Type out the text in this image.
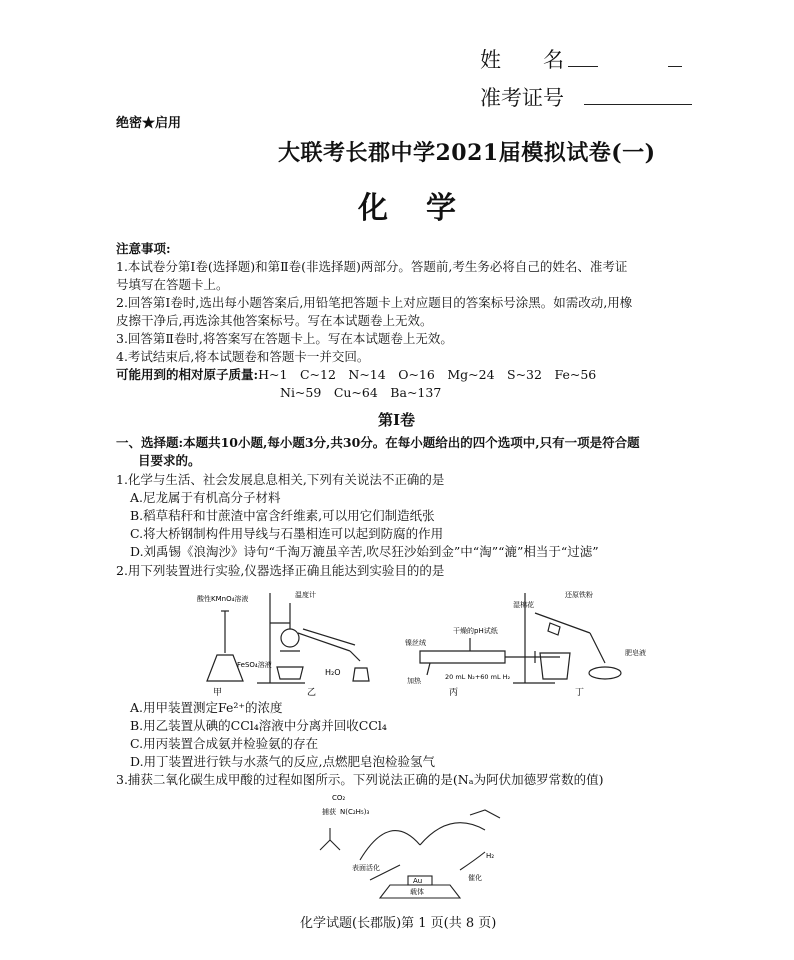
姓　　名
准考证号
绝密★启用
大联考长郡中学2021届模拟试卷(一)
化　学
注意事项:
1.本试卷分第Ⅰ卷(选择题)和第Ⅱ卷(非选择题)两部分。答题前,考生务必将自己的姓名、准考证
号填写在答题卡上。
2.回答第Ⅰ卷时,选出每小题答案后,用铅笔把答题卡上对应题目的答案标号涂黑。如需改动,用橡
皮擦干净后,再选涂其他答案标号。写在本试题卷上无效。
3.回答第Ⅱ卷时,将答案写在答题卡上。写在本试题卷上无效。
4.考试结束后,将本试题卷和答题卡一并交回。
可能用到的相对原子质量:H~1　C~12　N~14　O~16　Mg~24　S~32　Fe~56
Ni~59　Cu~64　Ba~137
第Ⅰ卷
一、选择题:本题共10小题,每小题3分,共30分。在每小题给出的四个选项中,只有一项是符合题
目要求的。
1.化学与生活、社会发展息息相关,下列有关说法不正确的是
A.尼龙属于有机高分子材料
B.稻草秸秆和甘蔗渣中富含纤维素,可以用它们制造纸张
C.将大桥钢制构件用导线与石墨相连可以起到防腐的作用
D.刘禹锡《浪淘沙》诗句“千淘万漉虽辛苦,吹尽狂沙始到金”中“淘”“漉”相当于“过滤”
2.用下列装置进行实验,仪器选择正确且能达到实验目的的是
酸性KMnO₄溶液
FeSO₄溶液
甲
温度计
H₂O
乙
镍丝绒
干燥的pH试纸
加热	20 mL N₂+60 mL H₂
丙
湿棉花
还原铁粉
肥皂液
丁
A.用甲装置测定Fe²⁺的浓度
B.用乙装置从碘的CCl₄溶液中分离并回收CCl₄
C.用丙装置合成氨并检验氨的存在
D.用丁装置进行铁与水蒸气的反应,点燃肥皂泡检验氢气
3.捕获二氧化碳生成甲酸的过程如图所示。下列说法正确的是(Nₐ为阿伏加德罗常数的值)
CO₂
捕获 N(C₂H₅)₃
表面活化
催化
H₂
Au
载体
化学试题(长郡版)第 1 页(共 8 页)
